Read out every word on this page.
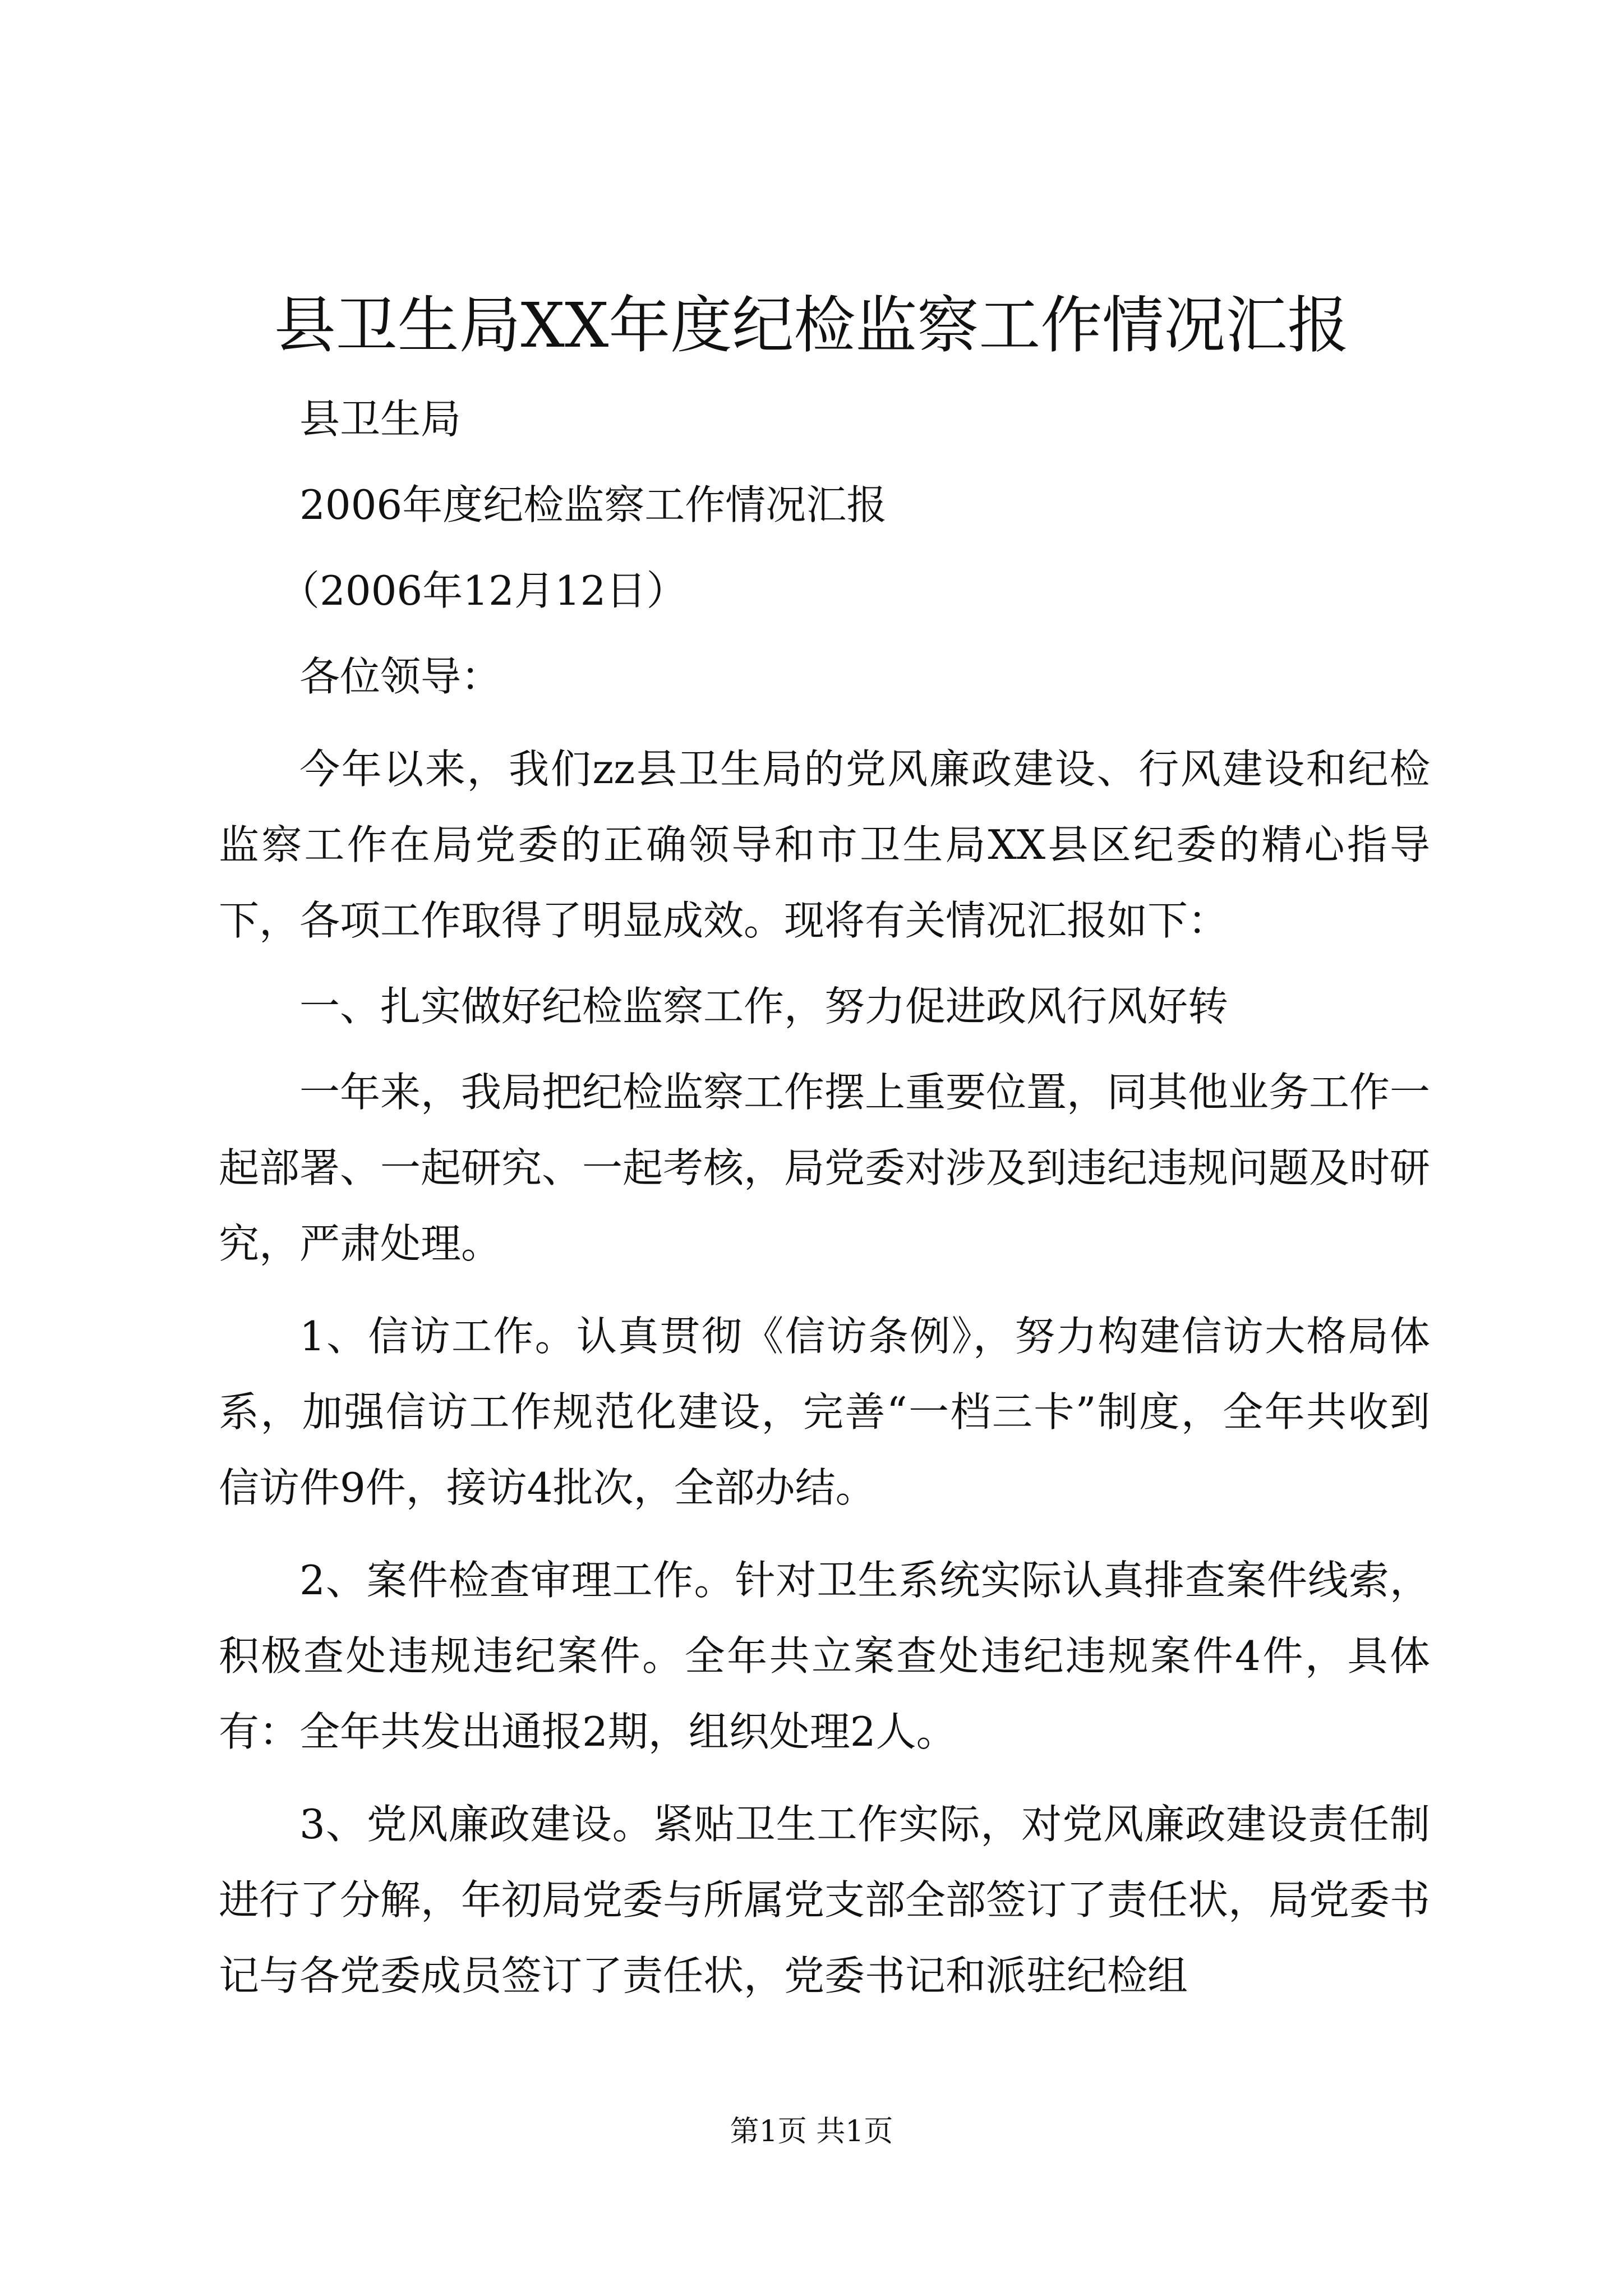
县卫生局XX年度纪检监察工作情况汇报

县卫生局

2006年度纪检监察工作情况汇报

（2006年12月12日）

各位领导：

今年以来，我们zz县卫生局的党风廉政建设、行风建设和纪检监察工作在局党委的正确领导和市卫生局XX县区纪委的精心指导下，各项工作取得了明显成效。现将有关情况汇报如下：

一、扎实做好纪检监察工作，努力促进政风行风好转

一年来，我局把纪检监察工作摆上重要位置，同其他业务工作一起部署、一起研究、一起考核，局党委对涉及到违纪违规问题及时研究，严肃处理。

1、信访工作。认真贯彻《信访条例》，努力构建信访大格局体系，加强信访工作规范化建设，完善“一档三卡”制度，全年共收到信访件9件，接访4批次，全部办结。

2、案件检查审理工作。针对卫生系统实际认真排查案件线索，积极查处违规违纪案件。全年共立案查处违纪违规案件4件，具体有：全年共发出通报2期，组织处理2人。

3、党风廉政建设。紧贴卫生工作实际，对党风廉政建设责任制进行了分解，年初局党委与所属党支部全部签订了责任状，局党委书记与各党委成员签订了责任状，党委书记和派驻纪检组

第1页 共1页
